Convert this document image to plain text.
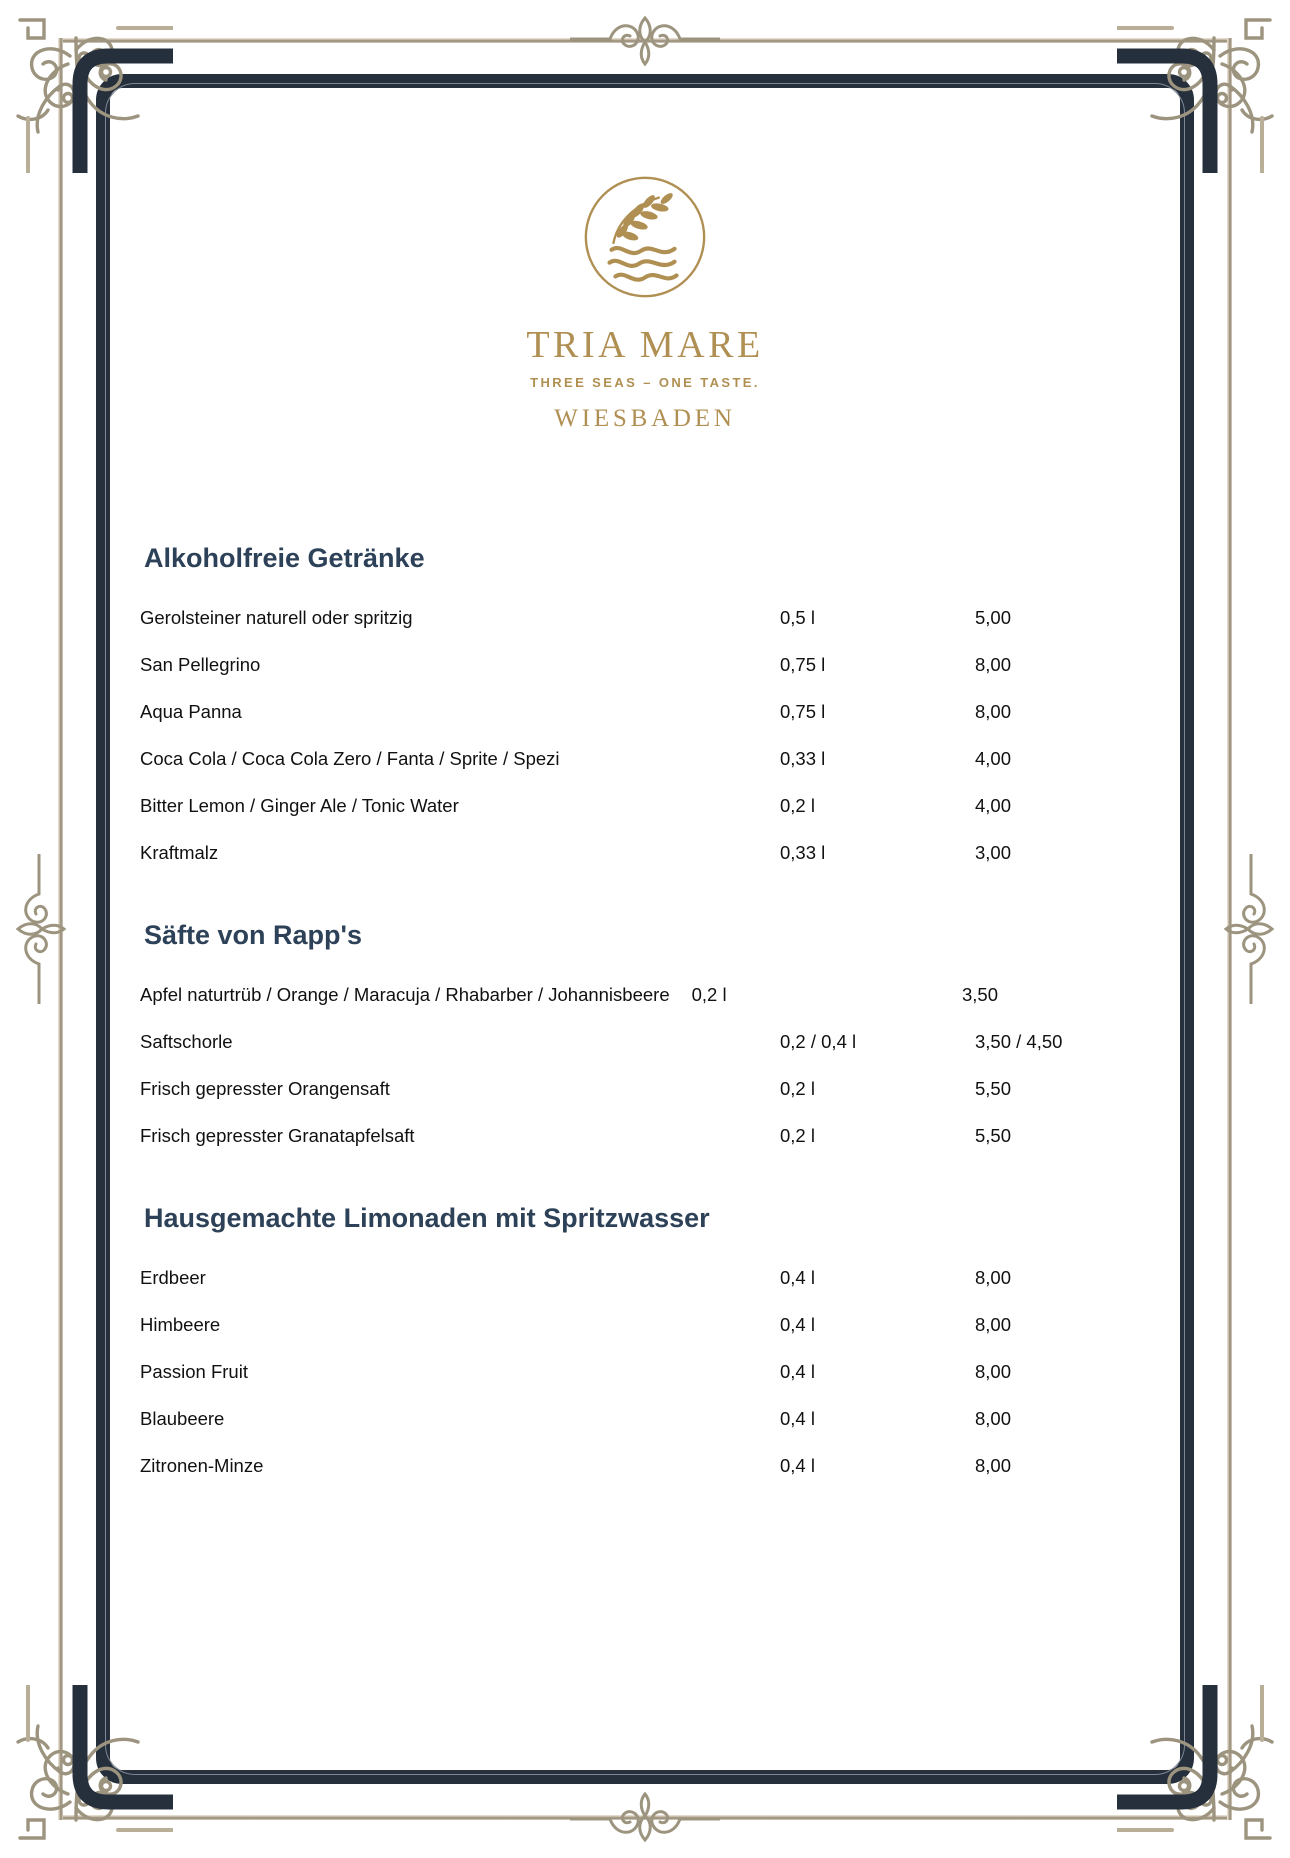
TRIA MARE
THREE SEAS – ONE TASTE.
WIESBADEN
Alkoholfreie Getränke
Gerolsteiner naturell oder spritzig	0,5 l	5,00
San Pellegrino	0,75 l	8,00
Aqua Panna	0,75 l	8,00
Coca Cola / Coca Cola Zero / Fanta / Sprite / Spezi	0,33 l	4,00
Bitter Lemon / Ginger Ale / Tonic Water	0,2 l	4,00
Kraftmalz	0,33 l	3,00
Säfte von Rapp's
Apfel naturtrüb / Orange / Maracuja / Rhabarber / Johannisbeere 0,2 l	3,50
Saftschorle	0,2 / 0,4 l	3,50 / 4,50
Frisch gepresster Orangensaft	0,2 l	5,50
Frisch gepresster Granatapfelsaft	0,2 l	5,50
Hausgemachte Limonaden mit Spritzwasser
Erdbeer	0,4 l	8,00
Himbeere	0,4 l	8,00
Passion Fruit	0,4 l	8,00
Blaubeere	0,4 l	8,00
Zitronen-Minze	0,4 l	8,00
